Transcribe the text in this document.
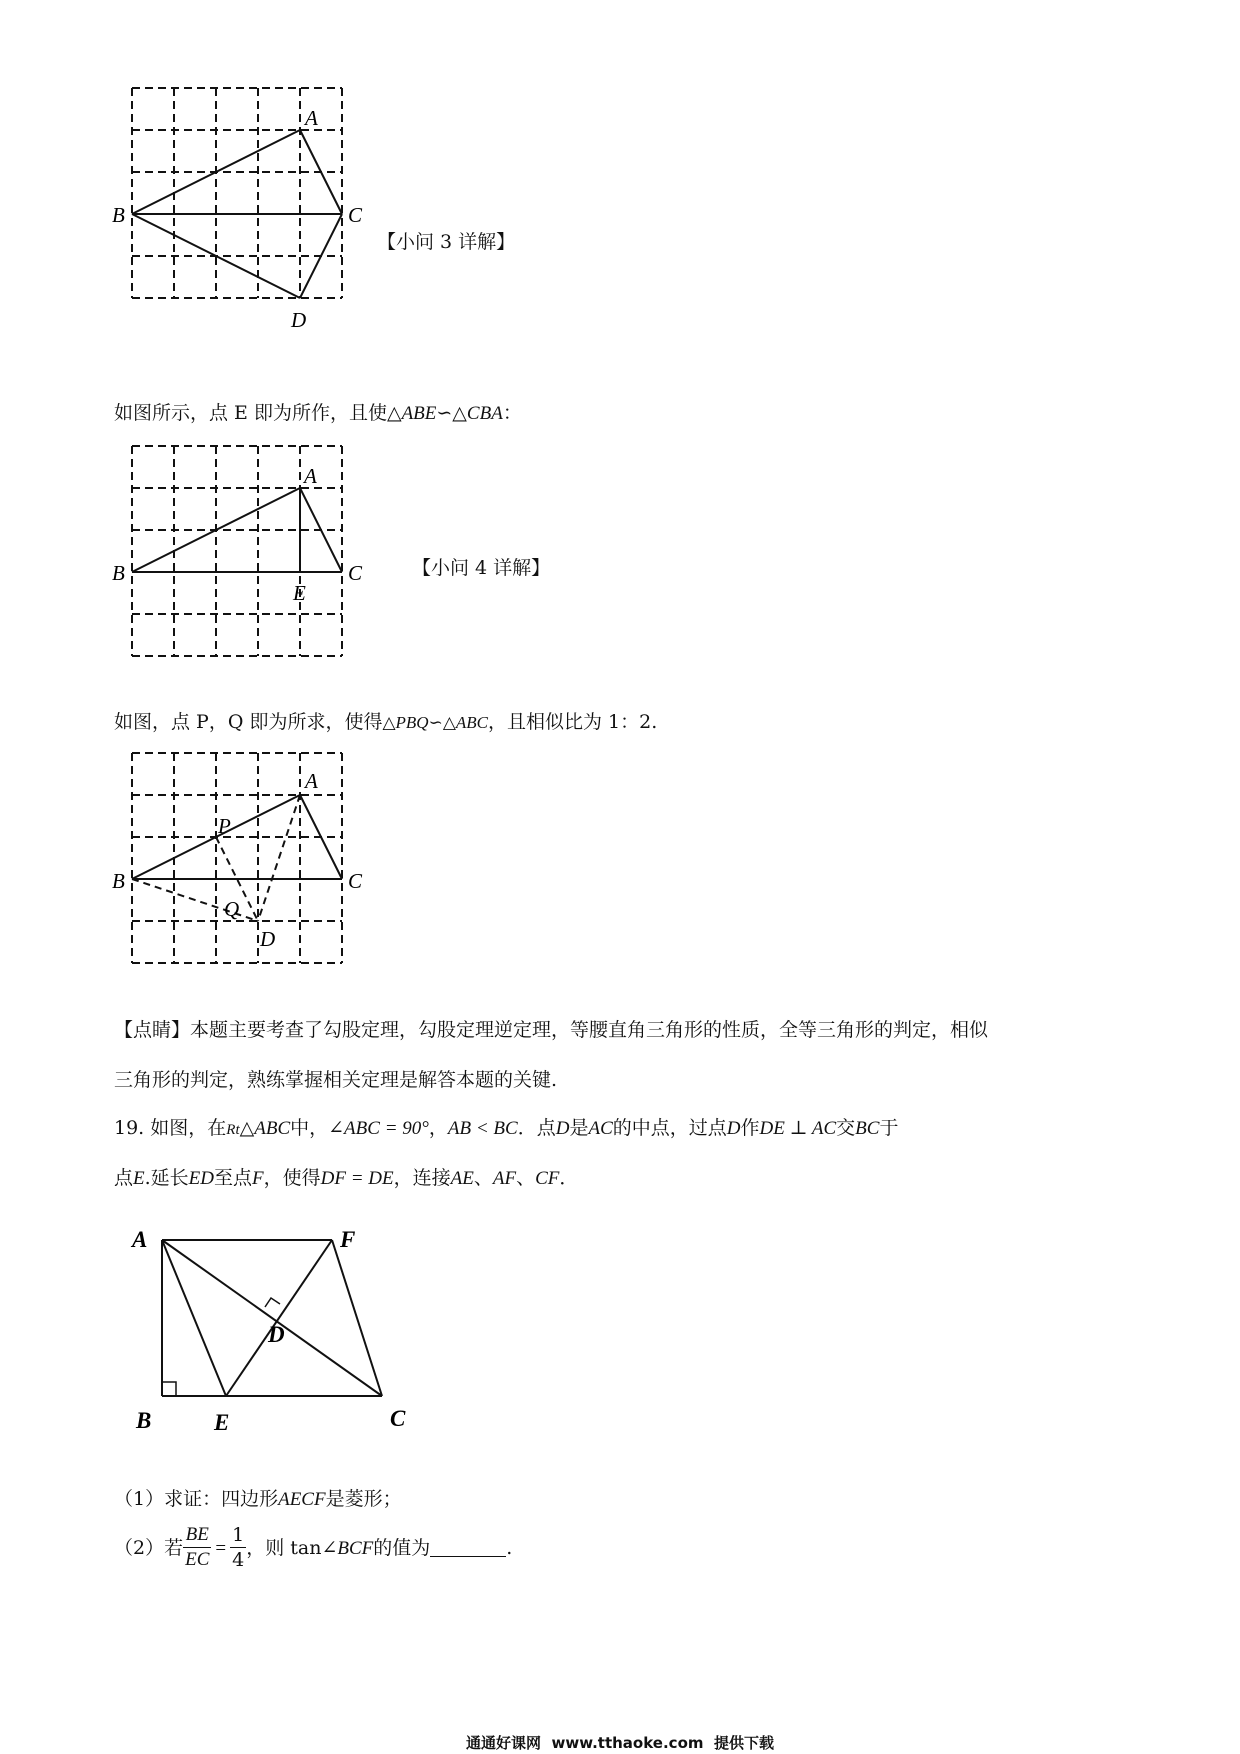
A
B	C
D
【小问 3 详解】
如图所示，点 E 即为所作，且使△ABE∽△CBA：
A
B	C
E
【小问 4 详解】
如图，点 P，Q 即为所求，使得△PBQ∽△ABC，且相似比为 1：2.
A
B	C
P
Q
D
【点睛】本题主要考查了勾股定理，勾股定理逆定理，等腰直角三角形的性质，全等三角形的判定，相似
三角形的判定，熟练掌握相关定理是解答本题的关键.
19. 如图，在Rt△ABC中，∠ABC = 90°，AB < BC．点D是AC的中点，过点D作DE ⊥ AC交BC于
点E.延长ED至点F，使得DF = DE，连接AE、AF、CF．
A	F
D
B	E	C
（1）求证：四边形AECF是菱形；
（2）若 $\frac{BE}{EC} = \frac{1}{4}$ ，则 tan∠BCF的值为	.
通通好课网  www.tthaoke.com  提供下载
